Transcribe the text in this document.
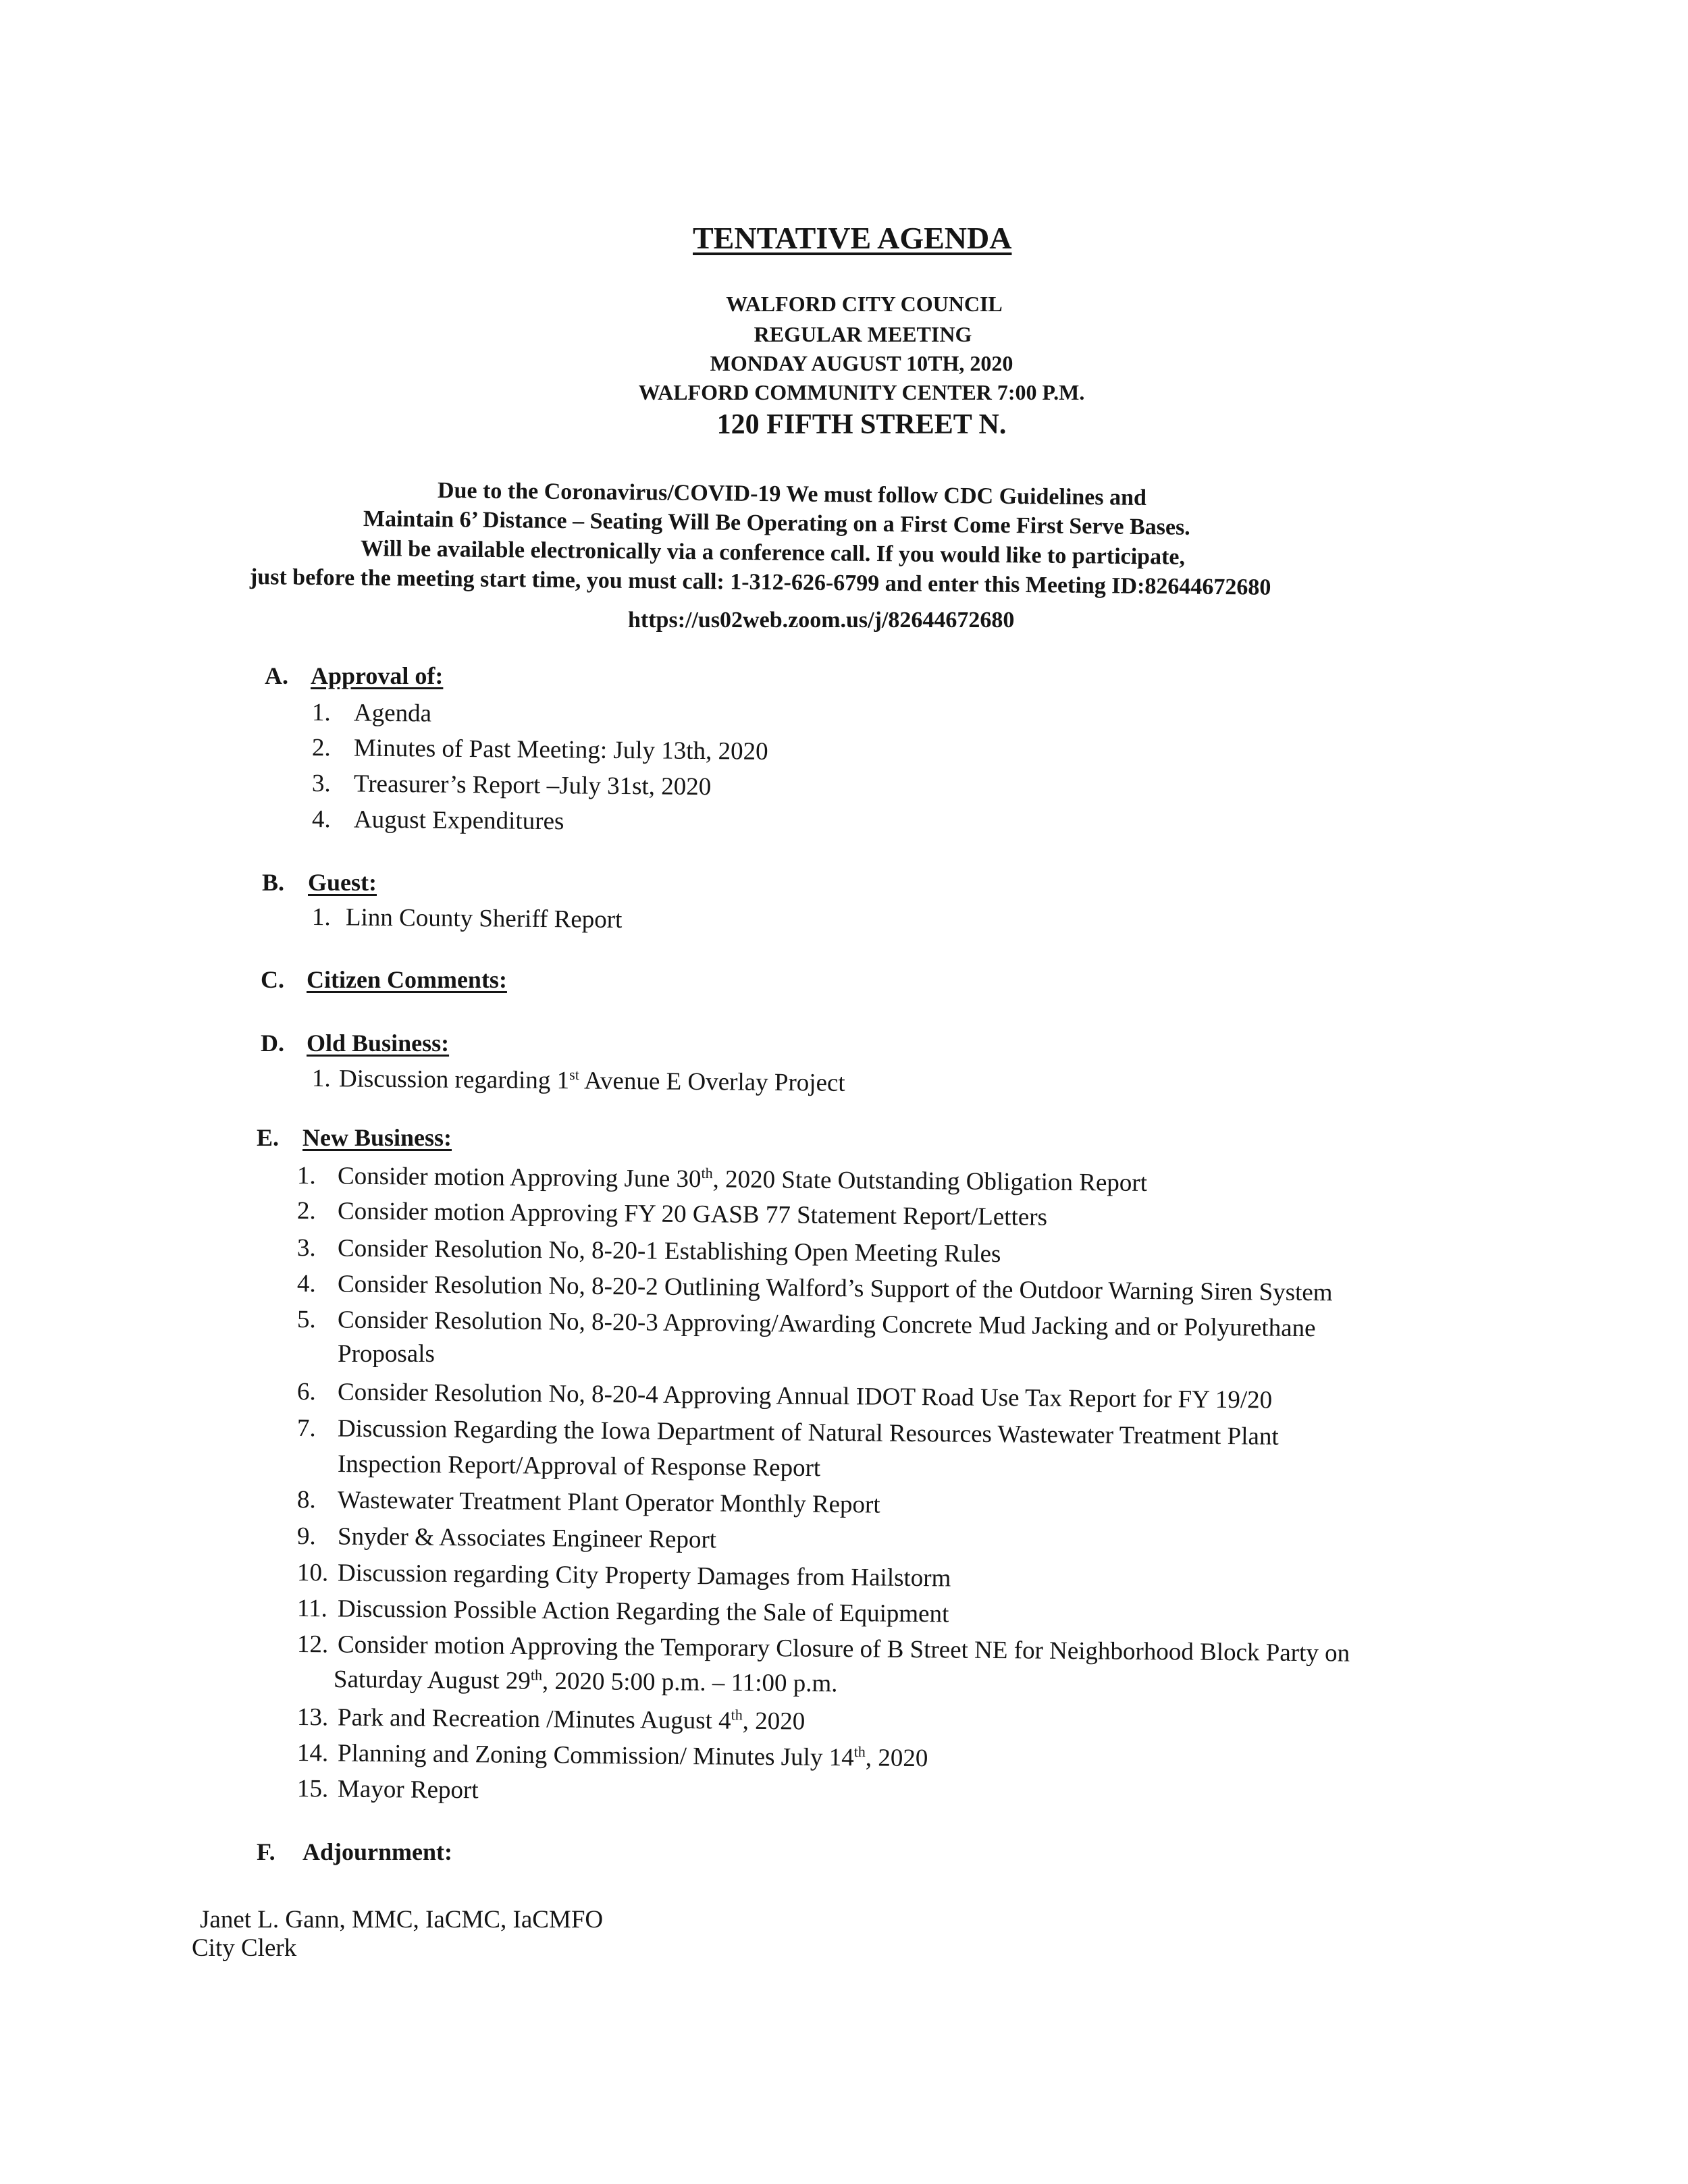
TENTATIVE AGENDA
WALFORD CITY COUNCIL
REGULAR MEETING
MONDAY AUGUST 10TH, 2020
WALFORD COMMUNITY CENTER 7:00 P.M.
120 FIFTH STREET N.
Due to the Coronavirus/COVID-19 We must follow CDC Guidelines and
Maintain 6’ Distance – Seating Will Be Operating on a First Come First Serve Bases.
Will be available electronically via a conference call. If you would like to participate,
just before the meeting start time, you must call: 1-312-626-6799 and enter this Meeting ID:82644672680
https://us02web.zoom.us/j/82644672680
A. Approval of:
1. Agenda
2. Minutes of Past Meeting: July 13th, 2020
3. Treasurer’s Report –July 31st, 2020
4. August Expenditures
B. Guest:
1. Linn County Sheriff Report
C. Citizen Comments:
D. Old Business:
1. Discussion regarding 1st Avenue E Overlay Project
E. New Business:
1. Consider motion Approving June 30th, 2020 State Outstanding Obligation Report
2. Consider motion Approving FY 20 GASB 77 Statement Report/Letters
3. Consider Resolution No, 8-20-1 Establishing Open Meeting Rules
4. Consider Resolution No, 8-20-2 Outlining Walford’s Support of the Outdoor Warning Siren System
5. Consider Resolution No, 8-20-3 Approving/Awarding Concrete Mud Jacking and or Polyurethane
Proposals
6. Consider Resolution No, 8-20-4 Approving Annual IDOT Road Use Tax Report for FY 19/20
7. Discussion Regarding the Iowa Department of Natural Resources Wastewater Treatment Plant
Inspection Report/Approval of Response Report
8. Wastewater Treatment Plant Operator Monthly Report
9. Snyder & Associates Engineer Report
10. Discussion regarding City Property Damages from Hailstorm
11. Discussion Possible Action Regarding the Sale of Equipment
12. Consider motion Approving the Temporary Closure of B Street NE for Neighborhood Block Party on
Saturday August 29th, 2020 5:00 p.m. – 11:00 p.m.
13. Park and Recreation /Minutes August 4th, 2020
14. Planning and Zoning Commission/ Minutes July 14th, 2020
15. Mayor Report
F. Adjournment:
Janet L. Gann, MMC, IaCMC, IaCMFO
City Clerk
